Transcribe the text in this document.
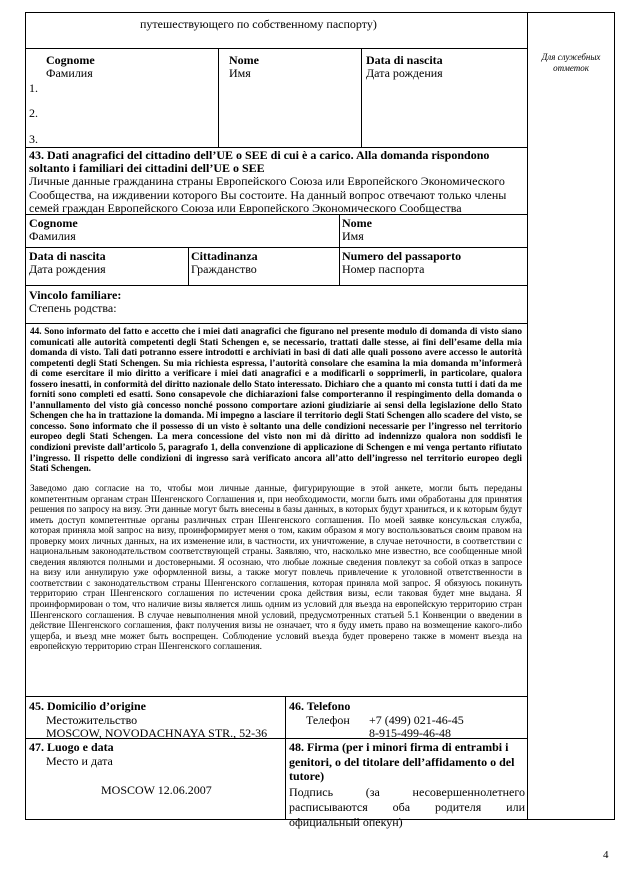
путешествующего по собственному паспорту)
Для служебных отметок
Cognome
Фамилия
Nome
Имя
Data di nascita
Дата рождения
1.
2.
3.
43. Dati anagrafici del cittadino dell’UE o SEE di cui è a carico. Alla domanda rispondono soltanto i familiari dei cittadini dell’UE o SEE
Личные данные гражданина страны Европейского Союза или Европейского Экономического Сообщества, на иждивении которого Вы состоите. На данный вопрос отвечают только члены семей граждан Европейского Союза или Европейского Экономического Сообщества
Cognome
Фамилия
Nome
Имя
Data di nascita
Дата рождения
Cittadinanza
Гражданство
Numero del passaporto
Номер паспорта
Vincolo familiare:
Степень родства:
44. Sono informato del fatto e accetto che i miei dati anagrafici che figurano nel presente modulo di domanda di visto siano comunicati alle autorità competenti degli Stati Schengen e, se necessario, trattati dalle stesse, ai fini dell’esame della mia domanda di visto. Tali dati potranno essere introdotti e archiviati in basi di dati alle quali possono avere accesso le autorità competenti degli Stati Schengen. Su mia richiesta espressa, l’autorità consolare che esamina la mia domanda m’informerà di come esercitare il mio diritto a verificare i miei dati anagrafici e a modificarli o sopprimerli, in particolare, qualora fossero inesatti, in conformità del diritto nazionale dello Stato interessato. Dichiaro che a quanto mi consta tutti i dati da me forniti sono completi ed esatti. Sono consapevole che dichiarazioni false comporteranno il respingimento della domanda o l’annullamento del visto già concesso nonché possono comportare azioni giudiziarie ai sensi della legislazione dello Stato Schengen che ha in trattazione la domanda. Mi impegno a lasciare il territorio degli Stati Schengen allo scadere del visto, se concesso. Sono informato che il possesso di un visto è soltanto una delle condizioni necessarie per l’ingresso nel territorio europeo degli Stati Schengen. La mera concessione del visto non mi dà diritto ad indennizzo qualora non soddisfi le condizioni previste dall’articolo 5, paragrafo 1, della convenzione di applicazione di Schengen e mi venga pertanto rifiutato l’ingresso. Il rispetto delle condizioni di ingresso sarà verificato ancora all’atto dell’ingresso nel territorio europeo degli Stati Schengen.
Заведомо даю согласие на то, чтобы мои личные данные, фигурирующие в этой анкете, могли быть переданы компетентным органам стран Шенгенского Соглашения и, при необходимости, могли быть ими обработаны для принятия решения по запросу на визу. Эти данные могут быть внесены в базы данных, в которых будут храниться, и к которым будут иметь доступ компетентные органы различных стран Шенгенского соглашения. По моей заявке консульская служба, которая приняла мой запрос на визу, проинформирует меня о том, каким образом я могу воспользоваться своим правом на проверку моих личных данных, на их изменение или, в частности, их уничтожение, в случае неточности, в соответствии с национальным законодательством соответствующей страны. Заявляю, что, насколько мне известно, все сообщенные мной сведения являются полными и достоверными. Я осознаю, что любые ложные сведения повлекут за собой отказ в запросе на визу или аннулирую уже оформленной визы, а также могут повлечь привлечение к уголовной ответственности в соответствии с законодательством страны Шенгенского соглашения, которая приняла мой запрос. Я обязуюсь покинуть территорию стран Шенгенского соглашения по истечении срока действия визы, если таковая будет мне выдана. Я проинформирован о том, что наличие визы является лишь одним из условий для въезда на европейскую территорию стран Шенгенского соглашения. В случае невыполнения мной условий, предусмотренных статьей 5.1 Конвенции о введении в действие Шенгенского соглашения, факт получения визы не означает, что я буду иметь право на возмещение какого-либо ущерба, и въезд мне может быть воспрещен. Соблюдение условий въезда будет проверено также в момент въезда на европейскую территорию стран Шенгенского соглашения.
45. Domicilio d’origine
Местожительство
MOSCOW, NOVODACHNAYA STR., 52-36
46. Telefono
Телефон +7 (499) 021-46-45
8-915-499-46-48
47. Luogo e data
Место и дата
MOSCOW 12.06.2007
48. Firma (per i minori firma di entrambi i genitori, o del titolare dell’affidamento o del tutore)
Подпись (за несовершеннолетнего расписываются оба родителя или официальный опекун)
4
